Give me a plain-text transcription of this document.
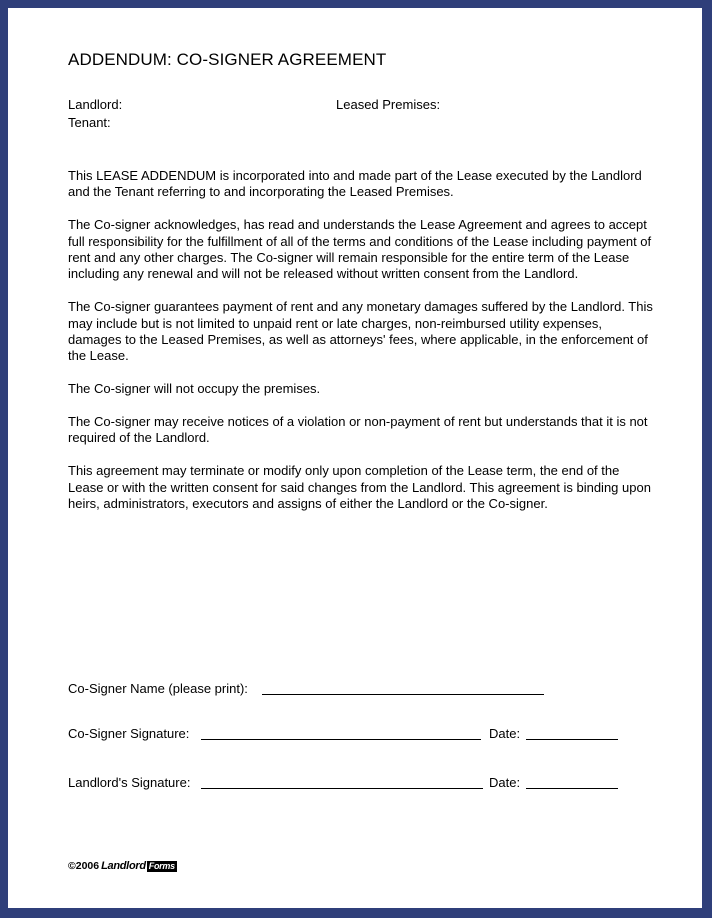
ADDENDUM: CO-SIGNER AGREEMENT
Landlord:
Tenant:
Leased Premises:

This LEASE ADDENDUM is incorporated into and made part of the Lease executed by the Landlord and the Tenant referring to and incorporating the Leased Premises.

The Co-signer acknowledges, has read and understands the Lease Agreement and agrees to accept full responsibility for the fulfillment of all of the terms and conditions of the Lease including payment of rent and any other charges. The Co-signer will remain responsible for the entire term of the Lease including any renewal and will not be released without written consent from the Landlord.

The Co-signer guarantees payment of rent and any monetary damages suffered by the Landlord. This may include but is not limited to unpaid rent or late charges, non-reimbursed utility expenses, damages to the Leased Premises, as well as attorneys' fees, where applicable, in the enforcement of the Lease.

The Co-signer will not occupy the premises.

The Co-signer may receive notices of a violation or non-payment of rent but understands that it is not required of the Landlord.

This agreement may terminate or modify only upon completion of the Lease term, the end of the Lease or with the written consent for said changes from the Landlord. This agreement is binding upon heirs, administrators, executors and assigns of either the Landlord or the Co-signer.

Co-Signer Name (please print):
Co-Signer Signature:	Date:
Landlord's Signature:	Date:
©2006 Landlord Forms
